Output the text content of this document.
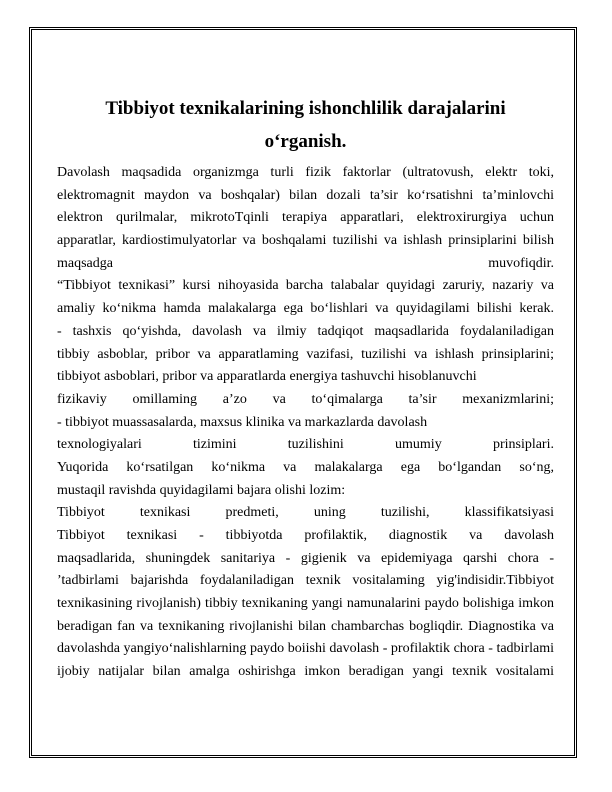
Tibbiyot texnikalarining ishonchlilik darajalarini
o‘rganish.
Davolash maqsadida organizmga turli fizik faktorlar (ultratovush, elektr toki,
elektromagnit maydon va boshqalar) bilan dozali ta’sir ko‘rsatishni ta’minlovchi
elektron qurilmalar, mikrotoTqinli terapiya apparatlari, elektroxirurgiya uchun
apparatlar, kardiostimulyatorlar va boshqalami tuzilishi va ishlash prinsiplarini bilish
maqsadga muvofiqdir.
“Tibbiyot texnikasi” kursi nihoyasida barcha talabalar quyidagi zaruriy, nazariy va
amaliy ko‘nikma hamda malakalarga ega bo‘lishlari va quyidagilami bilishi kerak.
- tashxis qo‘yishda, davolash va ilmiy tadqiqot maqsadlarida foydalaniladigan
tibbiy asboblar, pribor va apparatlaming vazifasi, tuzilishi va ishlash prinsiplarini;
tibbiyot asboblari, pribor va apparatlarda energiya tashuvchi hisoblanuvchi
fizikaviy omillaming a’zo va to‘qimalarga ta’sir mexanizmlarini;
- tibbiyot muassasalarda, maxsus klinika va markazlarda davolash
texnologiyalari tizimini tuzilishini umumiy prinsiplari.
Yuqorida ko‘rsatilgan ko‘nikma va malakalarga ega bo‘lgandan so‘ng,
mustaqil ravishda quyidagilami bajara olishi lozim:
Tibbiyot texnikasi predmeti, uning tuzilishi, klassifikatsiyasi
Tibbiyot texnikasi - tibbiyotda profilaktik, diagnostik va davolash
maqsadlarida, shuningdek sanitariya - gigienik va epidemiyaga qarshi chora -
’tadbirlami bajarishda foydalaniladigan texnik vositalaming yig'indisidir.Tibbiyot
texnikasining rivojlanish) tibbiy texnikaning yangi namunalarini paydo bolishiga imkon
beradigan fan va texnikaning rivojlanishi bilan chambarchas bogliqdir. Diagnostika va
davolashda yangiyo‘nalishlarning paydo boiishi davolash - profilaktik chora - tadbirlami
ijobiy natijalar bilan amalga oshirishga imkon beradigan yangi texnik vositalami
